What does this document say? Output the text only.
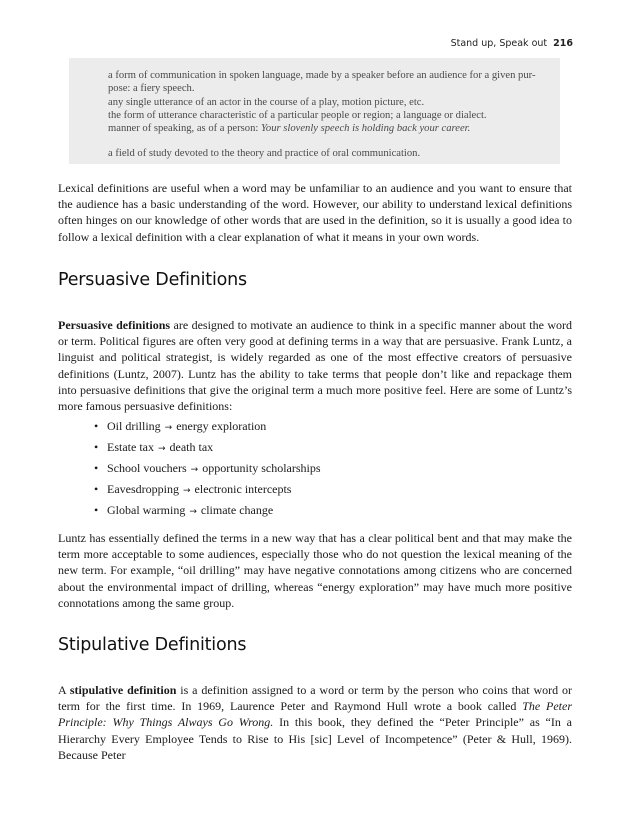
Stand up, Speak out 216
a form of communication in spoken language, made by a speaker before an audience for a given pur-
pose: a fiery speech.
any single utterance of an actor in the course of a play, motion picture, etc.
the form of utterance characteristic of a particular people or region; a language or dialect.
manner of speaking, as of a person: Your slovenly speech is holding back your career.
a field of study devoted to the theory and practice of oral communication.

Lexical definitions are useful when a word may be unfamiliar to an audience and you want to ensure that the audience has a basic understanding of the word. However, our ability to understand lexical definitions often hinges on our knowledge of other words that are used in the definition, so it is usually a good idea to follow a lexical definition with a clear explanation of what it means in your own words.

Persuasive Definitions

Persuasive definitions are designed to motivate an audience to think in a specific manner about the word or term. Political figures are often very good at defining terms in a way that are persuasive. Frank Luntz, a linguist and political strategist, is widely regarded as one of the most effective creators of persuasive definitions (Luntz, 2007). Luntz has the ability to take terms that people don’t like and repackage them into persuasive definitions that give the original term a much more positive feel. Here are some of Luntz’s more famous persuasive definitions:

• Oil drilling → energy exploration
• Estate tax → death tax
• School vouchers → opportunity scholarships
• Eavesdropping → electronic intercepts
• Global warming → climate change

Luntz has essentially defined the terms in a new way that has a clear political bent and that may make the term more acceptable to some audiences, especially those who do not question the lexical meaning of the new term. For example, “oil drilling” may have negative connotations among citizens who are concerned about the environmental impact of drilling, whereas “energy exploration” may have much more positive connotations among the same group.

Stipulative Definitions

A stipulative definition is a definition assigned to a word or term by the person who coins that word or term for the first time. In 1969, Laurence Peter and Raymond Hull wrote a book called The Peter Principle: Why Things Always Go Wrong. In this book, they defined the “Peter Principle” as “In a Hierarchy Every Employee Tends to Rise to His [sic] Level of Incompetence” (Peter & Hull, 1969). Because Peter
